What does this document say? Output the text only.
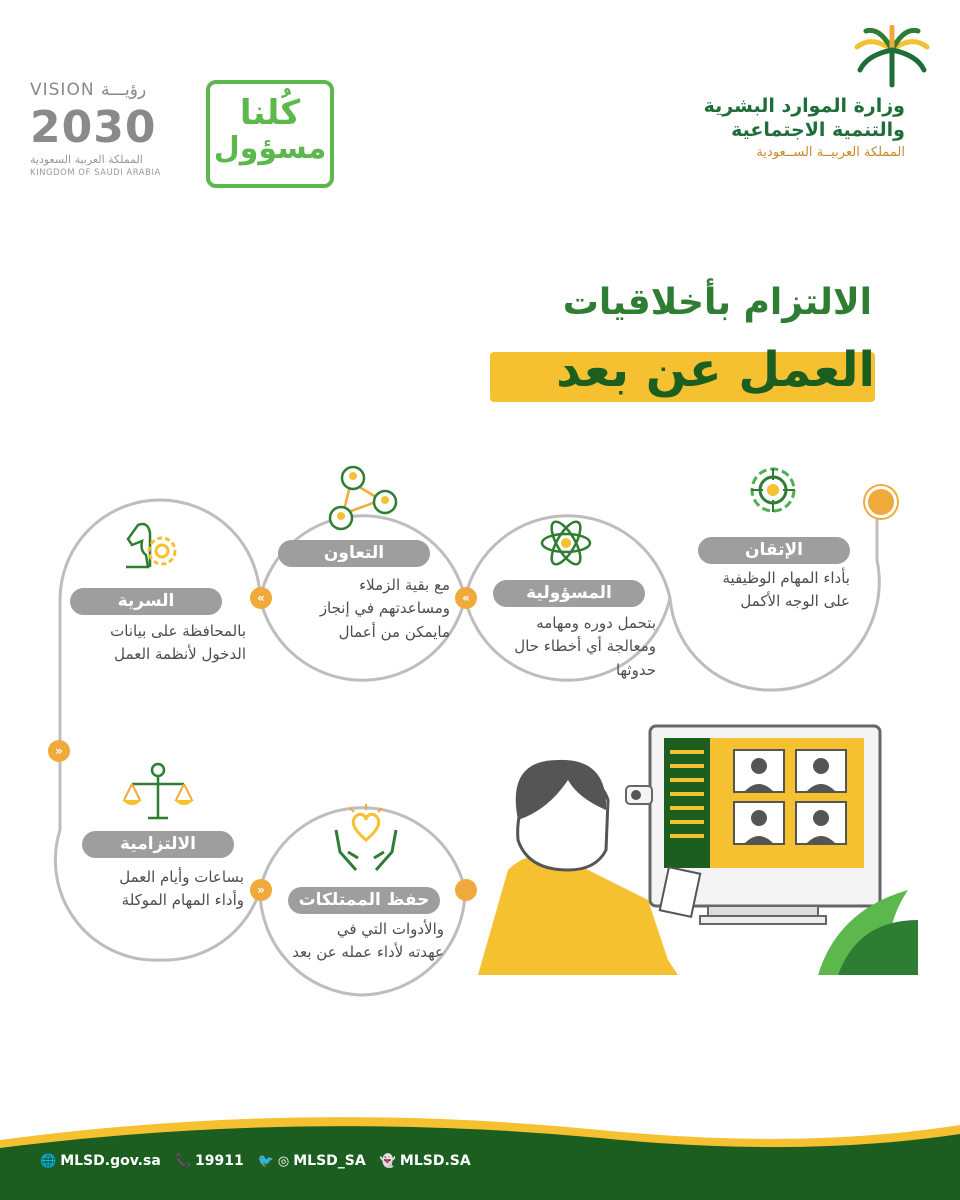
VISION رؤيـــة
2030
المملكة العربية السعودية
KINGDOM OF SAUDI ARABIA
كُلنا
مسؤول
وزارة الموارد البشرية
والتنمية الاجتماعية
المملكة العربيــة الســعودية
الالتزام بأخلاقيات
العمل عن بعد
«
«
»
»
الإتقان
بأداء المهام الوظيفية
على الوجه الأكمل
المسؤولية
بتحمل دوره ومهامه
ومعالجة أي أخطاء حال
حدوثها
التعاون
مع بقية الزملاء
ومساعدتهم في إنجاز
مايمكن من أعمال
السرية
بالمحافظة على بيانات
الدخول لأنظمة العمل
الالتزامية
بساعات وأيام العمل
وأداء المهام الموكلة	حفظ الممتلكات
والأدوات التي في
عهدته لأداء عمله عن بعد
🌐 MLSD.gov.sa 📞 19911 🐦 ◎ MLSD_SA 👻 MLSD.SA
